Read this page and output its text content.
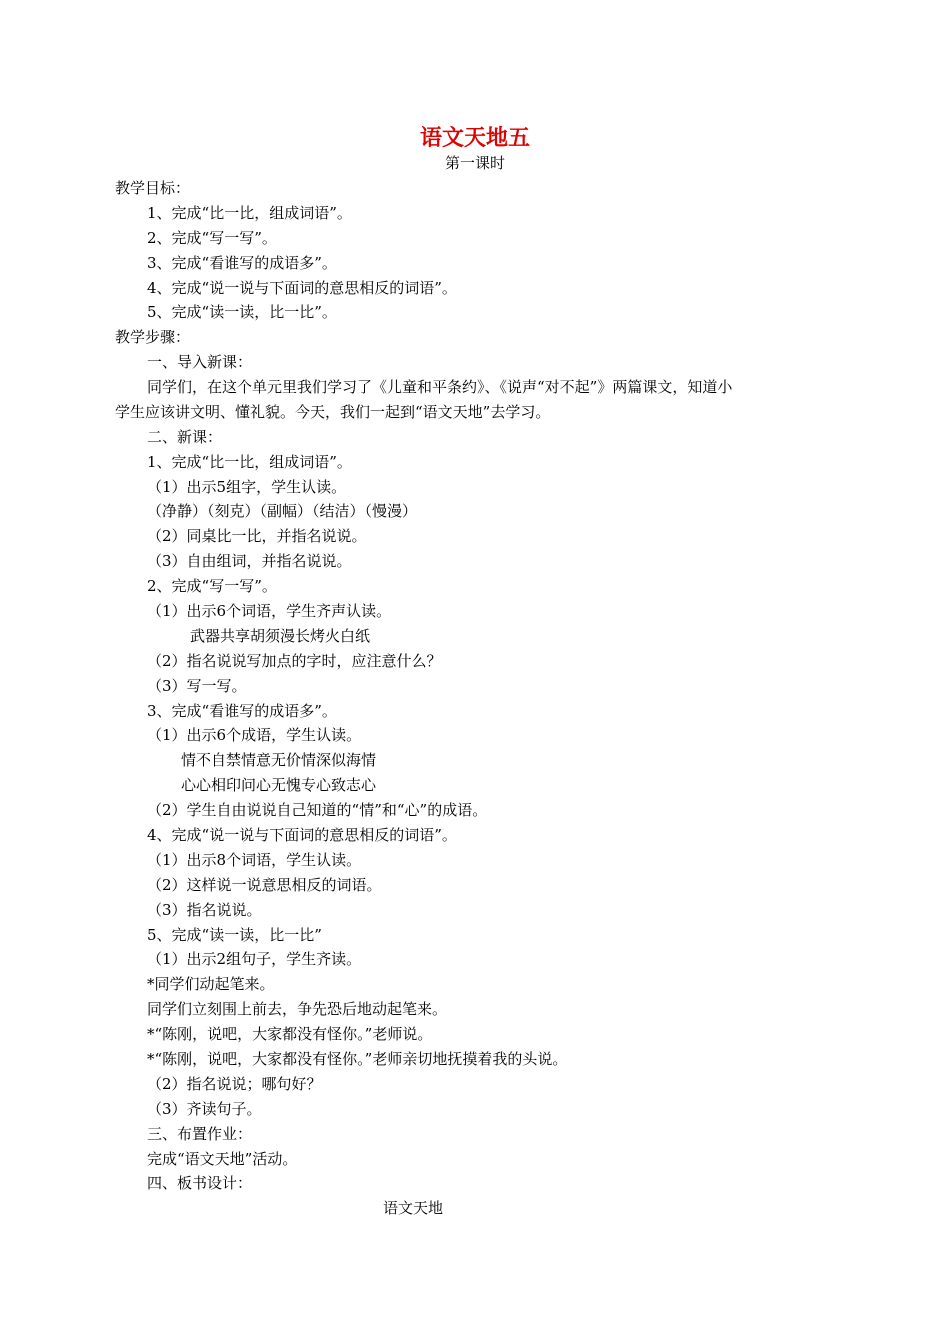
语文天地五
第一课时
教学目标：
1、完成“比一比，组成词语”。
2、完成“写一写”。
3、完成“看谁写的成语多”。
4、完成“说一说与下面词的意思相反的词语”。
5、完成“读一读，比一比”。
教学步骤：
一、导入新课：
同学们，在这个单元里我们学习了《儿童和平条约》、《说声“对不起”》两篇课文，知道小
学生应该讲文明、懂礼貌。今天，我们一起到“语文天地”去学习。
二、新课：
1、完成“比一比，组成词语”。
（1）出示5组字，学生认读。
（净静）（刻克）（副幅）（结洁）（慢漫）
（2）同桌比一比，并指名说说。
（3）自由组词，并指名说说。
2、完成“写一写”。
（1）出示6个词语，学生齐声认读。
武器共享胡须漫长烤火白纸
（2）指名说说写加点的字时，应注意什么？
（3）写一写。
3、完成“看谁写的成语多”。
（1）出示6个成语，学生认读。
情不自禁情意无价情深似海情
心心相印问心无愧专心致志心
（2）学生自由说说自己知道的“情”和“心”的成语。
4、完成“说一说与下面词的意思相反的词语”。
（1）出示8个词语，学生认读。
（2）这样说一说意思相反的词语。
（3）指名说说。
5、完成“读一读，比一比”
（1）出示2组句子，学生齐读。
*同学们动起笔来。
同学们立刻围上前去，争先恐后地动起笔来。
*“陈刚，说吧，大家都没有怪你。”老师说。
*“陈刚，说吧，大家都没有怪你。”老师亲切地抚摸着我的头说。
（2）指名说说；哪句好？
（3）齐读句子。
三、布置作业：
完成“语文天地”活动。
四、板书设计：
语文天地
